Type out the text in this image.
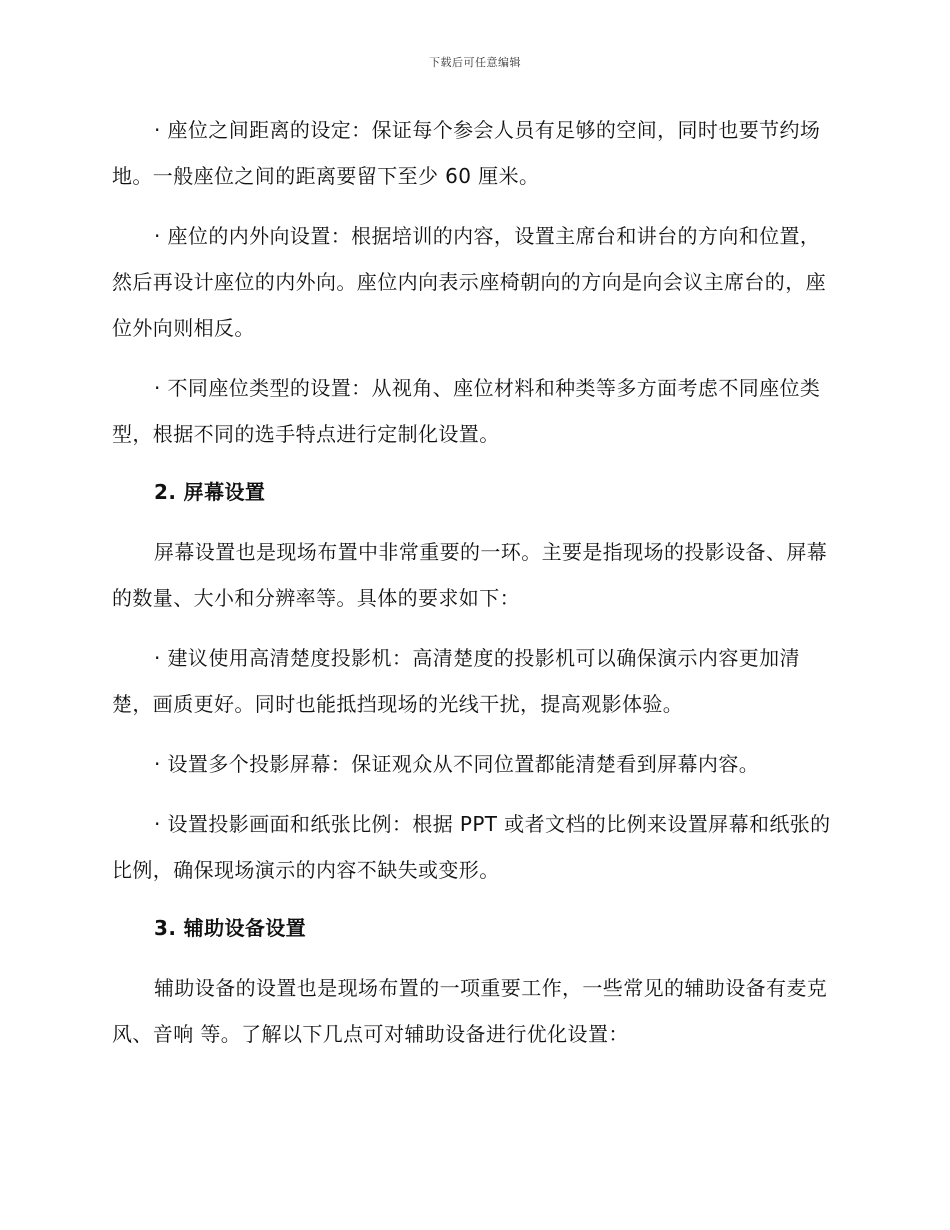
下载后可任意编辑

· 座位之间距离的设定：保证每个参会人员有足够的空间，同时也要节约场地。一般座位之间的距离要留下至少 60 厘米。

· 座位的内外向设置：根据培训的内容，设置主席台和讲台的方向和位置，然后再设计座位的内外向。座位内向表示座椅朝向的方向是向会议主席台的，座位外向则相反。

· 不同座位类型的设置：从视角、座位材料和种类等多方面考虑不同座位类型，根据不同的选手特点进行定制化设置。

2. 屏幕设置

屏幕设置也是现场布置中非常重要的一环。主要是指现场的投影设备、屏幕的数量、大小和分辨率等。具体的要求如下：

· 建议使用高清楚度投影机：高清楚度的投影机可以确保演示内容更加清楚，画质更好。同时也能抵挡现场的光线干扰，提高观影体验。

· 设置多个投影屏幕：保证观众从不同位置都能清楚看到屏幕内容。

· 设置投影画面和纸张比例：根据 PPT 或者文档的比例来设置屏幕和纸张的比例，确保现场演示的内容不缺失或变形。

3. 辅助设备设置

辅助设备的设置也是现场布置的一项重要工作，一些常见的辅助设备有麦克风、音响 等。了解以下几点可对辅助设备进行优化设置：
